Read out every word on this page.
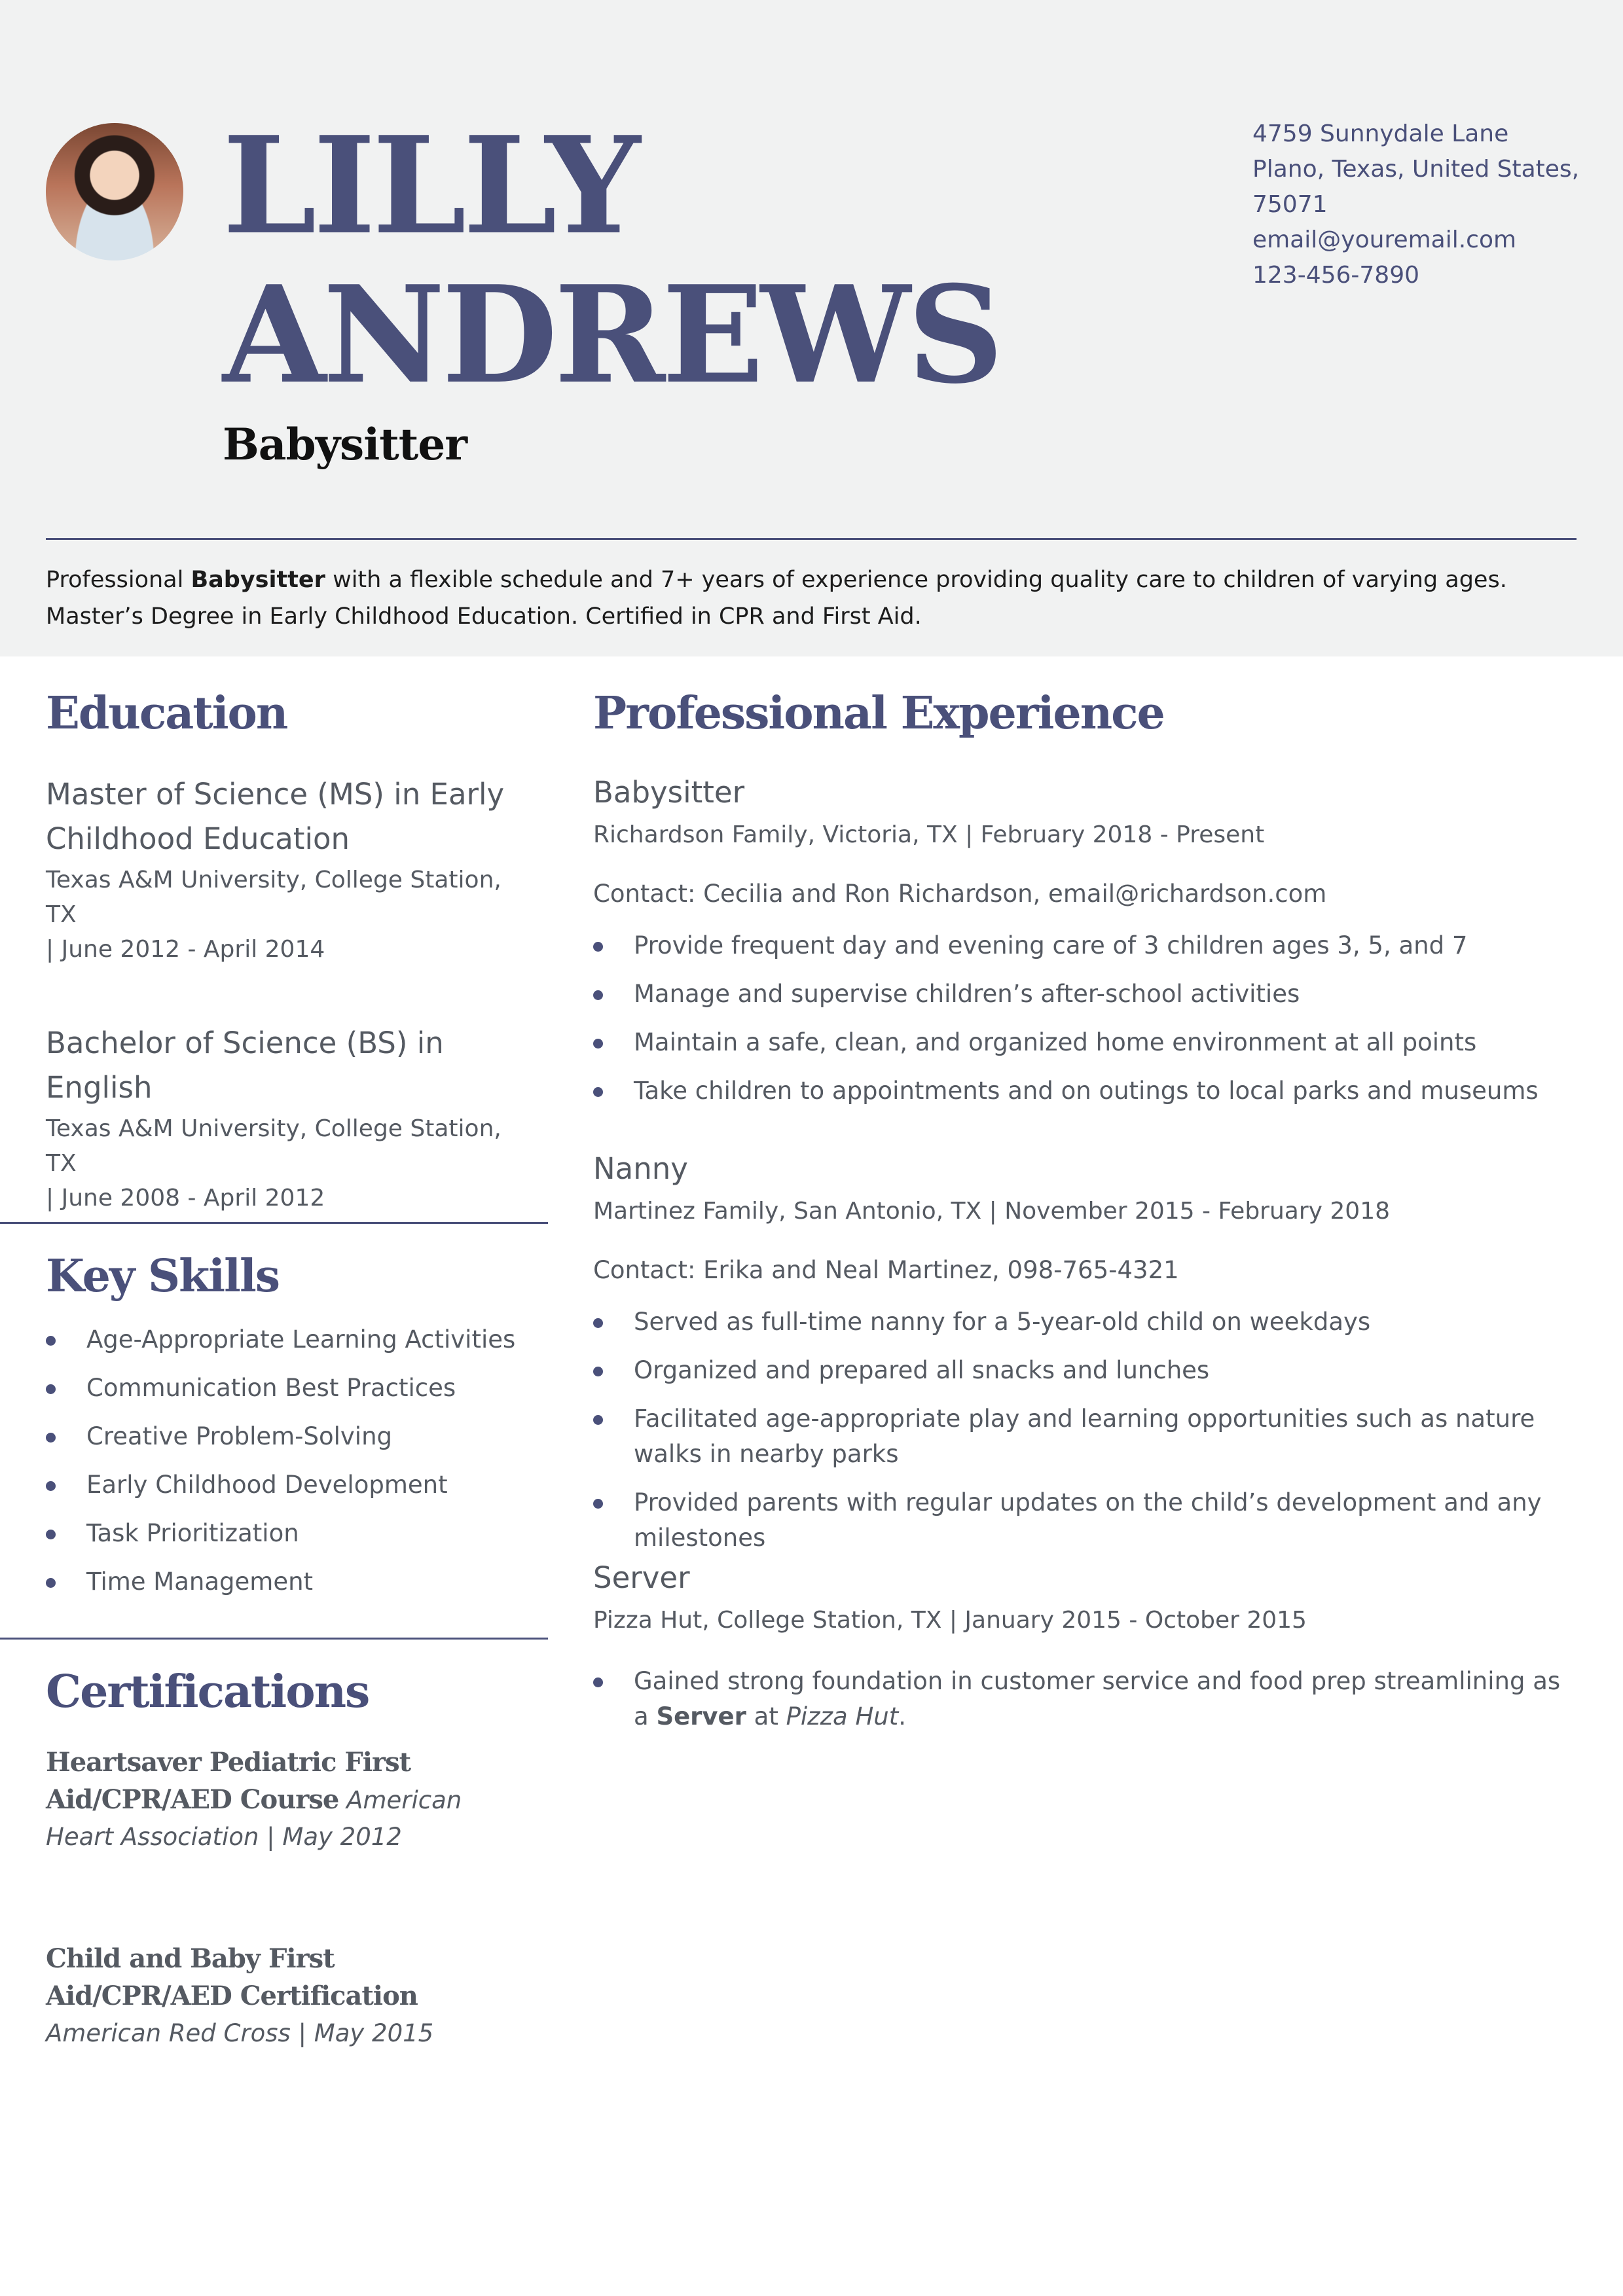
LILLY
ANDREWS
Babysitter
4759 Sunnydale Lane
Plano, Texas, United States,
75071
email@youremail.com
123-456-7890

Professional Babysitter with a flexible schedule and 7+ years of experience providing quality care to children of varying ages. Master’s Degree in Early Childhood Education. Certified in CPR and First Aid.

Education
Master of Science (MS) in Early Childhood Education
Texas A&M University, College Station, TX
| June 2012 - April 2014
Bachelor of Science (BS) in English
Texas A&M University, College Station, TX
| June 2008 - April 2012
Key Skills
Age-Appropriate Learning Activities
Communication Best Practices
Creative Problem-Solving
Early Childhood Development
Task Prioritization
Time Management
Certifications
Heartsaver Pediatric First Aid/CPR/AED Course American Heart Association | May 2012
Child and Baby First Aid/CPR/AED Certification American Red Cross | May 2015
Professional Experience
Babysitter
Richardson Family, Victoria, TX | February 2018 - Present
Contact: Cecilia and Ron Richardson, email@richardson.com
Provide frequent day and evening care of 3 children ages 3, 5, and 7
Manage and supervise children’s after-school activities
Maintain a safe, clean, and organized home environment at all points
Take children to appointments and on outings to local parks and museums
Nanny
Martinez Family, San Antonio, TX | November 2015 - February 2018
Contact: Erika and Neal Martinez, 098-765-4321
Served as full-time nanny for a 5-year-old child on weekdays
Organized and prepared all snacks and lunches
Facilitated age-appropriate play and learning opportunities such as nature walks in nearby parks
Provided parents with regular updates on the child’s development and any milestones
Server
Pizza Hut, College Station, TX | January 2015 - October 2015
Gained strong foundation in customer service and food prep streamlining as a Server at Pizza Hut.
